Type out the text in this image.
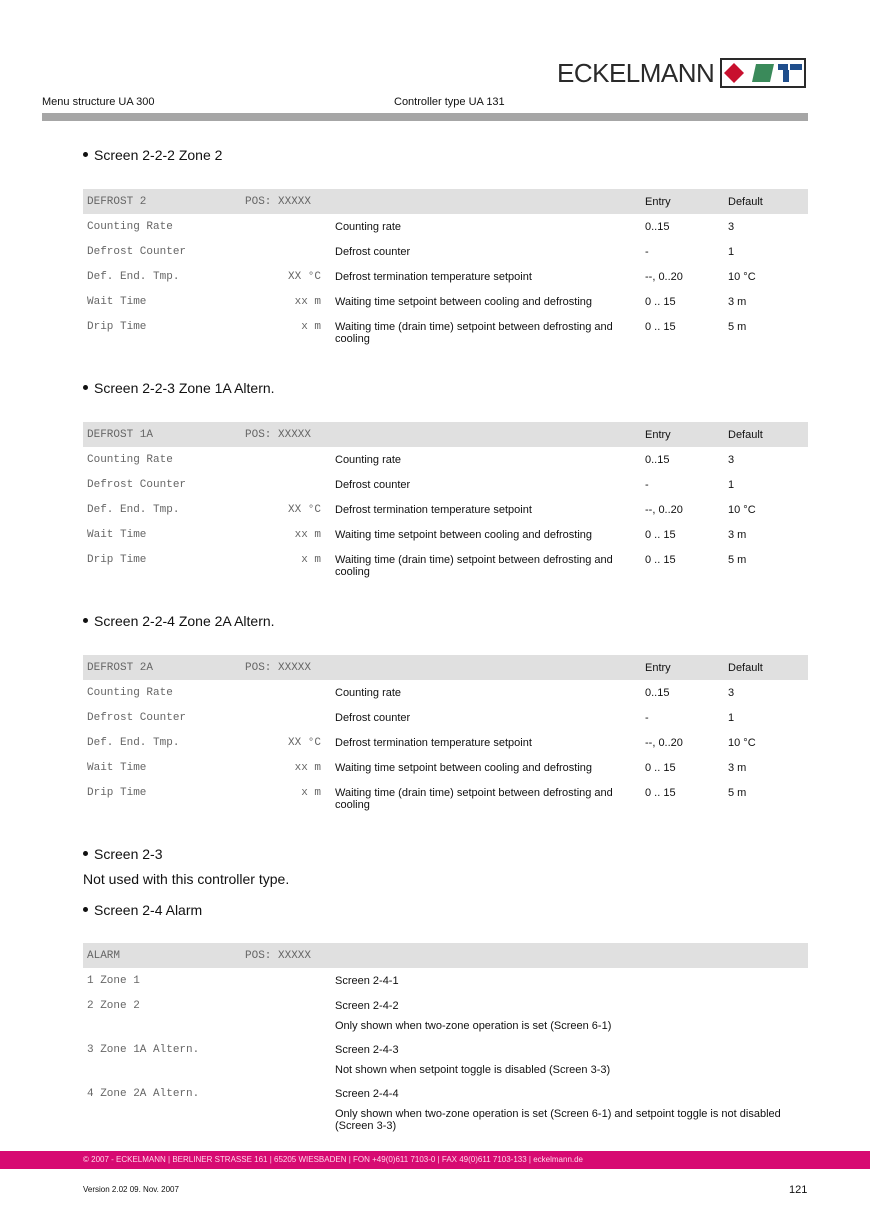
ECKELMANN
Menu structure UA 300	Controller type UA 131
Screen 2-2-2 Zone 2
DEFROST 2	POS: XXXXX		Entry	Default
Counting Rate		Counting rate	0..15	3
Defrost Counter		Defrost counter	-	1
Def. End. Tmp.	XX °C	Defrost termination temperature setpoint	--, 0..20	10 °C
Wait Time	xx m	Waiting time setpoint between cooling and defrosting	0 .. 15	3 m
Drip Time	x m	Waiting time (drain time) setpoint between defrosting and cooling	0 .. 15	5 m
Screen 2-2-3 Zone 1A Altern.
DEFROST 1A	POS: XXXXX		Entry	Default
Counting Rate		Counting rate	0..15	3
Defrost Counter		Defrost counter	-	1
Def. End. Tmp.	XX °C	Defrost termination temperature setpoint	--, 0..20	10 °C
Wait Time	xx m	Waiting time setpoint between cooling and defrosting	0 .. 15	3 m
Drip Time	x m	Waiting time (drain time) setpoint between defrosting and cooling	0 .. 15	5 m
Screen 2-2-4 Zone 2A Altern.
DEFROST 2A	POS: XXXXX		Entry	Default
Counting Rate		Counting rate	0..15	3
Defrost Counter		Defrost counter	-	1
Def. End. Tmp.	XX °C	Defrost termination temperature setpoint	--, 0..20	10 °C
Wait Time	xx m	Waiting time setpoint between cooling and defrosting	0 .. 15	3 m
Drip Time	x m	Waiting time (drain time) setpoint between defrosting and cooling	0 .. 15	5 m
Screen 2-3
Not used with this controller type.
Screen 2-4 Alarm
ALARM	POS: XXXXX	
1 Zone 1		Screen 2-4-1

2 Zone 2		Screen 2-4-2
Only shown when two-zone operation is set (Screen 6-1)

3 Zone 1A Altern.		Screen 2-4-3
Not shown when setpoint toggle is disabled (Screen 3-3)

4 Zone 2A Altern.		Screen 2-4-4
Only shown when two-zone operation is set (Screen 6-1) and setpoint toggle is not disabled (Screen 3-3)
© 2007 - ECKELMANN | BERLINER STRASSE 161 | 65205 WIESBADEN | FON +49(0)611 7103-0 | FAX 49(0)611 7103-133 | eckelmann.de
Version 2.02 09. Nov. 2007	121
